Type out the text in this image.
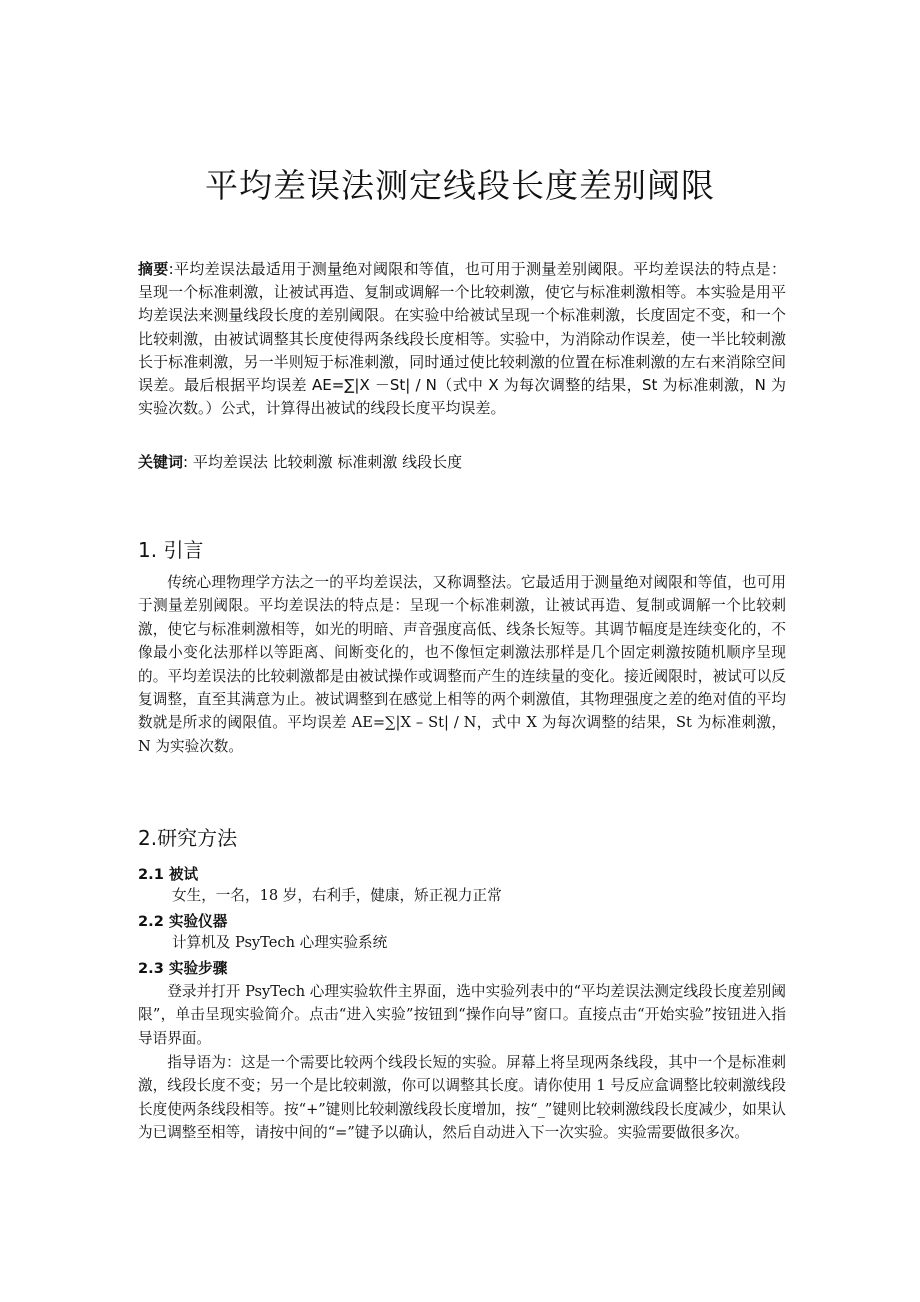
平均差误法测定线段长度差别阈限

摘要:平均差误法最适用于测量绝对阈限和等值，也可用于测量差别阈限。平均差误法的特点是：呈现一个标准刺激，让被试再造、复制或调解一个比较刺激，使它与标准刺激相等。本实验是用平均差误法来测量线段长度的差别阈限。在实验中给被试呈现一个标准刺激，长度固定不变，和一个比较刺激，由被试调整其长度使得两条线段长度相等。实验中，为消除动作误差，使一半比较刺激长于标准刺激，另一半则短于标准刺激，同时通过使比较刺激的位置在标准刺激的左右来消除空间误差。最后根据平均误差 AE=∑|X －St| / N（式中 X 为每次调整的结果，St 为标准刺激，N 为实验次数。）公式，计算得出被试的线段长度平均误差。

关键词: 平均差误法 比较刺激 标准刺激 线段长度

1. 引言

传统心理物理学方法之一的平均差误法，又称调整法。它最适用于测量绝对阈限和等值，也可用于测量差别阈限。平均差误法的特点是：呈现一个标准刺激，让被试再造、复制或调解一个比较刺激，使它与标准刺激相等，如光的明暗、声音强度高低、线条长短等。其调节幅度是连续变化的，不像最小变化法那样以等距离、间断变化的，也不像恒定刺激法那样是几个固定刺激按随机顺序呈现的。平均差误法的比较刺激都是由被试操作或调整而产生的连续量的变化。接近阈限时，被试可以反复调整，直至其满意为止。被试调整到在感觉上相等的两个刺激值，其物理强度之差的绝对值的平均数就是所求的阈限值。平均误差 AE=∑|X – St| / N，式中 X 为每次调整的结果，St 为标准刺激，N 为实验次数。

2.研究方法
2.1 被试

女生，一名，18 岁，右利手，健康，矫正视力正常

2.2 实验仪器

计算机及 PsyTech 心理实验系统

2.3 实验步骤

登录并打开 PsyTech 心理实验软件主界面，选中实验列表中的“平均差误法测定线段长度差别阈限”，单击呈现实验简介。点击“进入实验”按钮到“操作向导”窗口。直接点击“开始实验”按钮进入指导语界面。

指导语为：这是一个需要比较两个线段长短的实验。屏幕上将呈现两条线段，其中一个是标准刺激，线段长度不变；另一个是比较刺激，你可以调整其长度。请你使用 1 号反应盒调整比较刺激线段长度使两条线段相等。按“+”键则比较刺激线段长度增加，按“_”键则比较刺激线段长度减少，如果认为已调整至相等，请按中间的“=”键予以确认，然后自动进入下一次实验。实验需要做很多次。
